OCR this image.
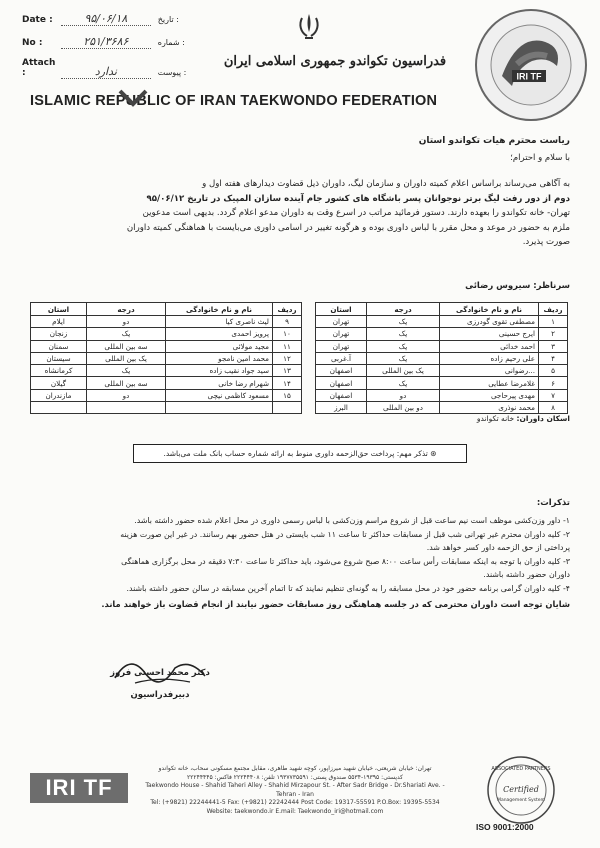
Date :	۹۵/۰۶/۱۸	تاریخ :
No :	۲۵۱/۳۶۸۶	شماره :
Attach :	ندارد	پیوست :
فدراسیون تکواندو جمهوری اسلامی ایران
ISLAMIC REPUBLIC OF IRAN TAEKWONDO FEDERATION
IRI TF
ریاست محترم هیات تکواندو استان
با سلام و احترام؛
به آگاهی می‌رساند براساس اعلام کمیته داوران و سازمان لیگ، داوران ذیل قضاوت دیدارهای هفته اول و
دوم از دور رفت لیگ برتر نوجوانان پسر باشگاه های کشور جام آینده سازان المپیک در تاریخ ۹۵/۰۶/۱۲
تهران- خانه تکواندو را بعهده دارند. دستور فرمائید مراتب در اسرع وقت به داوران مدعو اعلام گردد. بدیهی است مدعوین
ملزم به حضور در موعد و محل مقرر با لباس داوری بوده و هرگونه تغییر در اسامی داوری می‌بایست با هماهنگی کمیته داوران
صورت پذیرد.
سرناظر: سیروس رضائی
ردیف	نام و نام خانوادگی	درجه	استان
۱	مصطفی تقوی گودرزی	یک	تهران
۲	ایرج حسینی	یک	تهران
۳	احمد خدائی	یک	تهران
۴	علی رحیم زاده	یک	آ.غربی
۵	...رضوانی	یک بین المللی	اصفهان
۶	غلامرضا عطایی	یک	اصفهان
۷	مهدی پیرحاجی	دو	اصفهان
۸	محمد نوذری	دو بین المللی	البرز
ردیف	نام و نام خانوادگی	درجه	استان
۹	لیث ناصری کیا	دو	ایلام
۱۰	پرویز احمدی	یک	زنجان
۱۱	مجید مولائی	سه بین المللی	سمنان
۱۲	محمد امین نامجو	یک بین المللی	سیستان
۱۳	سید جواد نقیب زاده	یک	کرمانشاه
۱۴	شهرام رضا خانی	سه بین المللی	گیلان
۱۵	مسعود کاظمی نیچی	دو	مازندران

اسکان داوران: خانه تکواندو
⊛ تذکر مهم: پرداخت حق‌الزحمه داوری منوط به ارائه شماره حساب بانک ملت می‌باشد.
تذکرات:

۱- داور وزن‌کشی موظف است نیم ساعت قبل از شروع مراسم وزن‌کشی با لباس رسمی داوری در محل اعلام شده حضور داشته باشد.

۲- کلیه داوران محترم غیر تهرانی شب قبل از مسابقات حداکثر تا ساعت ۱۱ شب بایستی در هتل حضور بهم رسانند. در غیر این صورت هزینه

پرداختی از حق الزحمه داور کسر خواهد شد.

۳- کلیه داوران با توجه به اینکه مسابقات رأس ساعت ۸:۰۰ صبح شروع می‌شود، باید حداکثر تا ساعت ۷:۳۰ دقیقه در محل برگزاری هماهنگی

داوران حضور داشته باشند.

۴- کلیه داوران گرامی برنامه حضور خود در محل مسابقه را به گونه‌ای تنظیم نمایند که تا اتمام آخرین مسابقه در سالن حضور داشته باشند.

شایان توجه است داوران محترمی که در جلسه هماهنگی روز مسابقات حضور نیابند از انجام قضاوت باز خواهند ماند.

دکتر محمد احسنی فروز
دبیرفدراسیون
IRI TF
تهران: خیابان شریعتی، خیابان شهید میرزاپور، کوچه شهید طاهری، مقابل مجتمع مسکونی سحاب، خانه تکواندو
کدپستی: ۱۹۳۹۵-۵۵۳۴ صندوق پستی: ۱۹۳۷۷۳۵۵۹۱ تلفن: ۲۲۲۴۴۴۰۸ فاکس: ۲۲۲۴۴۴۴۵
Taekwondo House - Shahid Taheri Alley - Shahid Mirzapour St. - After Sadr Bridge - Dr.Shariati Ave. - Tehran - Iran
Tel: (+9821) 22244441-5 Fax: (+9821) 22242444 Post Code: 19317-55591 P.O.Box: 19395-5534
Website: taekwondo.ir E.mail: Taekwondo_iri@hotmail.com
ASSOCIATED PARTNERS
Certified
Management System
ISO 9001:2000
